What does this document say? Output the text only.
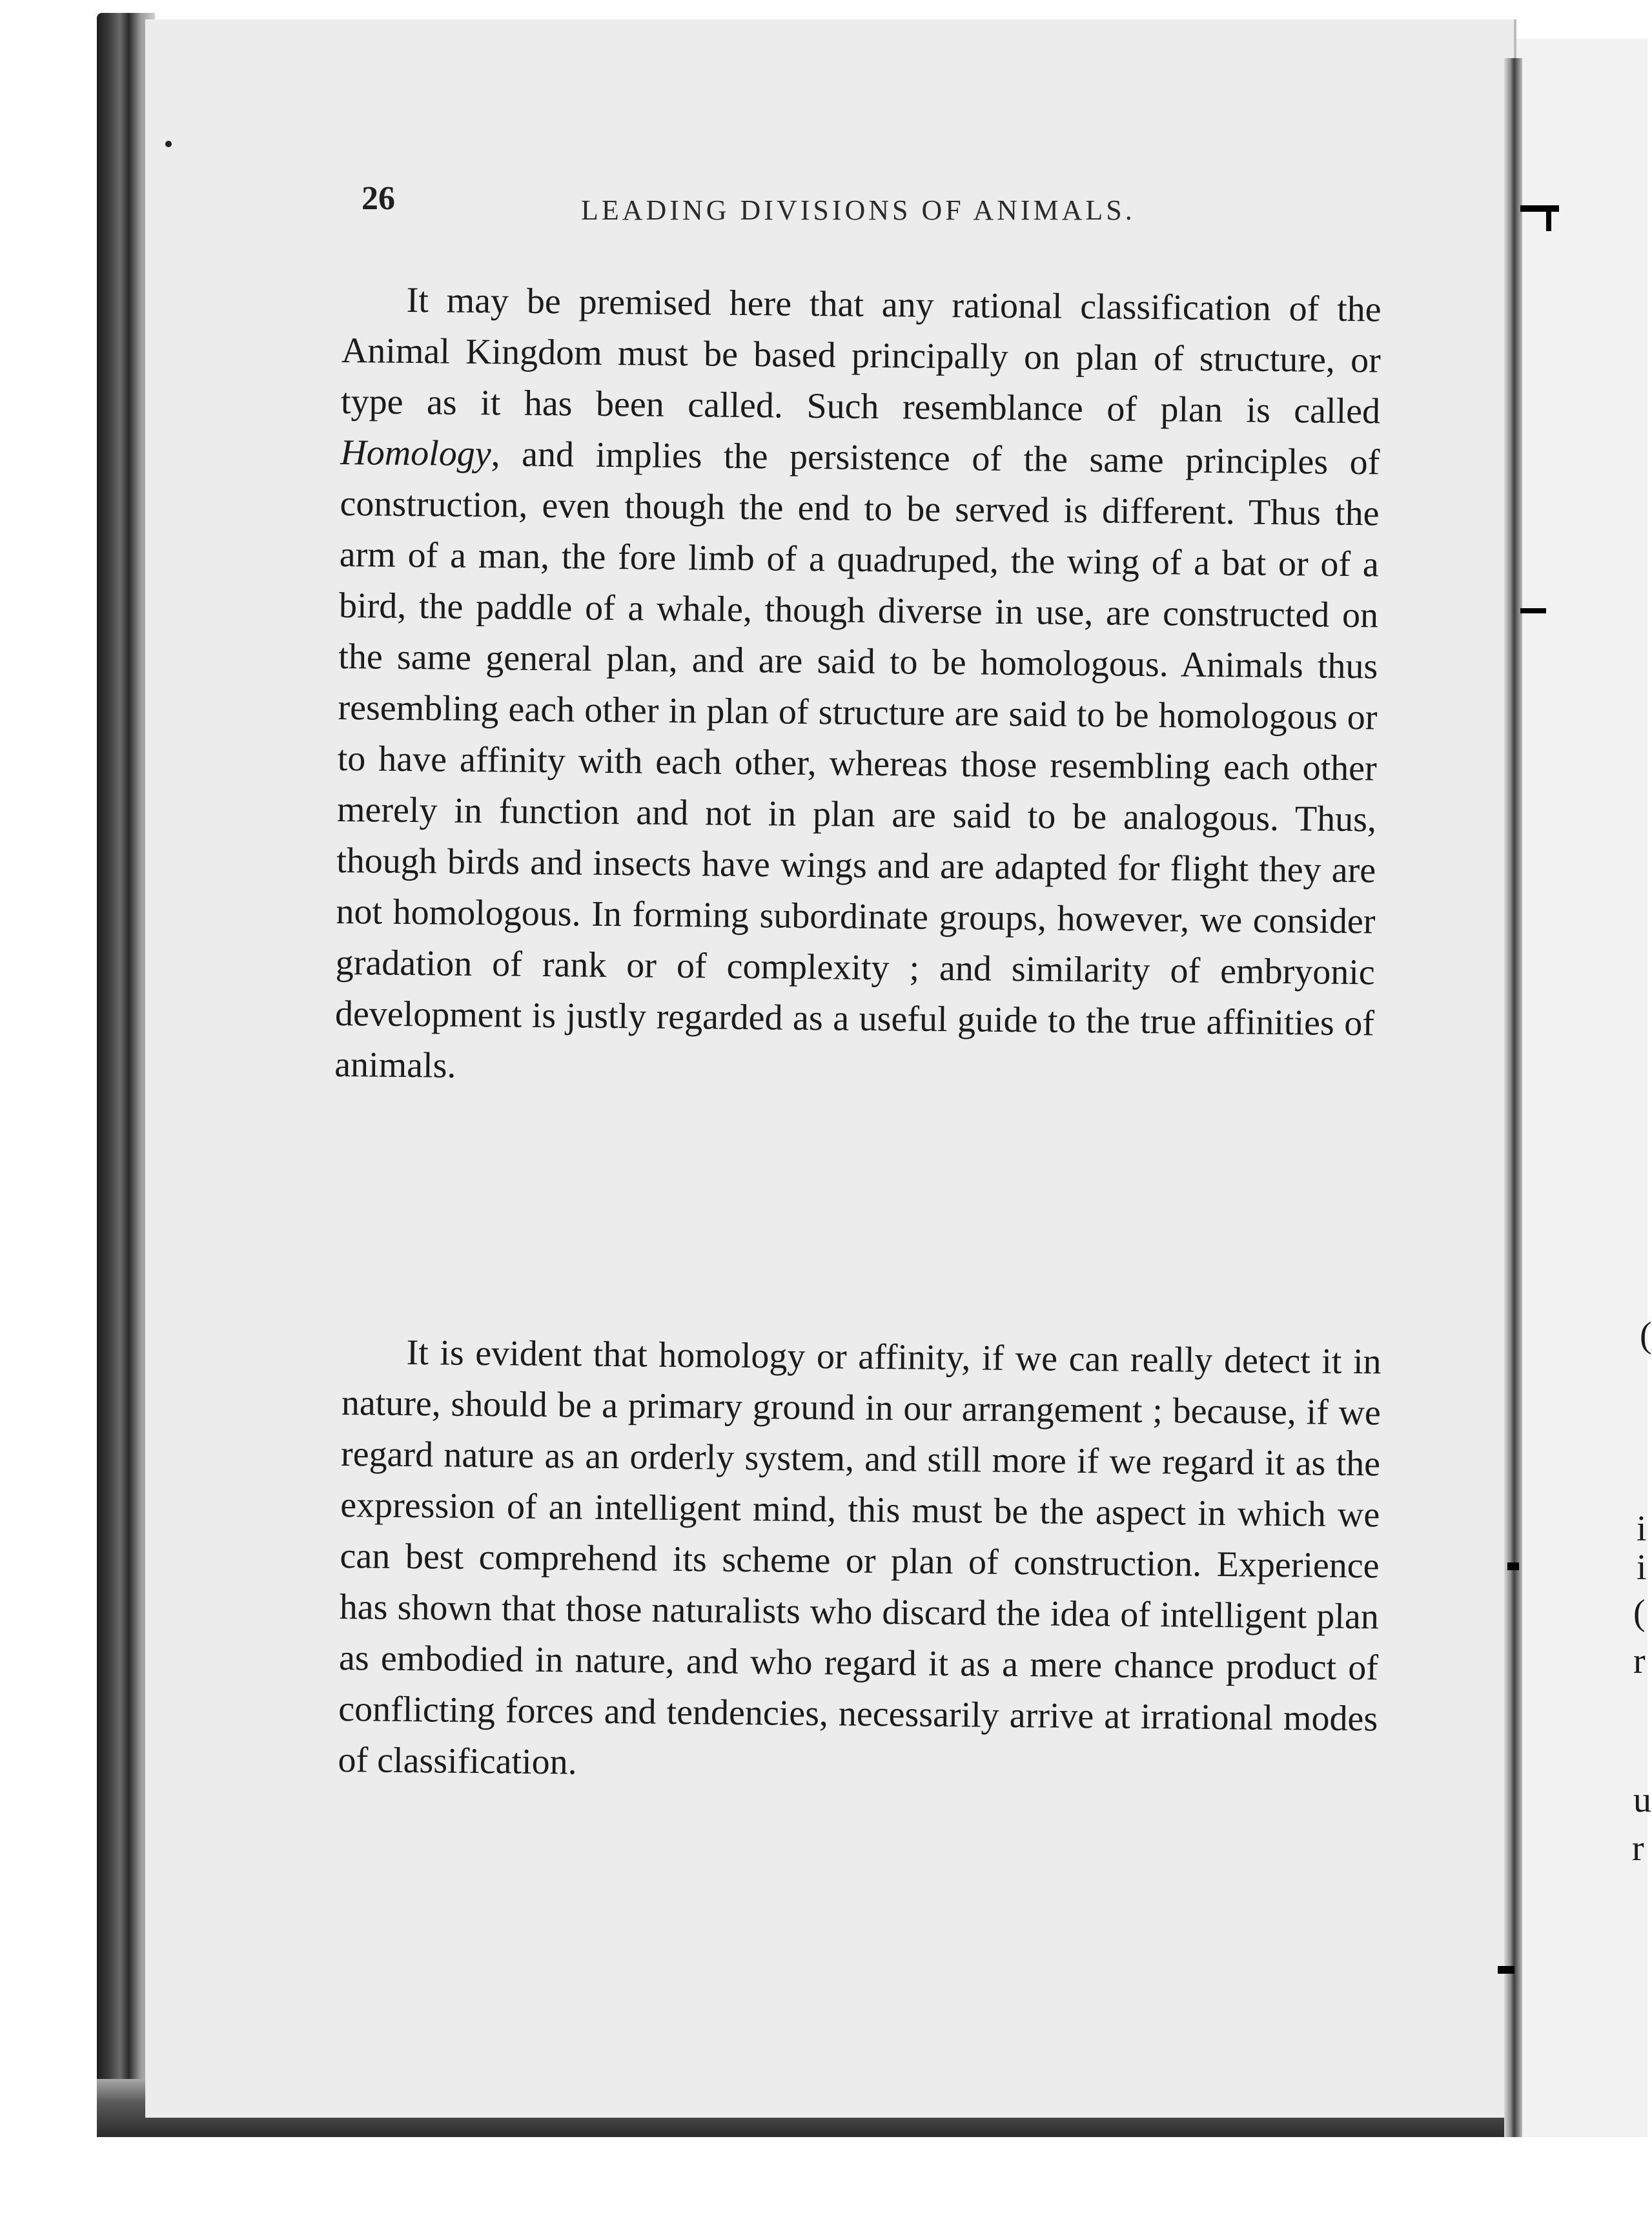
(
i
i
(
r
u
r
26	LEADING DIVISIONS OF ANIMALS.

It may be premised here that any rational classification of the Animal Kingdom must be based principally on plan of structure, or type as it has been called. Such resemblance of plan is called Homology, and implies the persistence of the same principles of construction, even though the end to be served is different. Thus the arm of a man, the fore limb of a quadruped, the wing of a bat or of a bird, the paddle of a whale, though diverse in use, are constructed on the same general plan, and are said to be homologous. Animals thus resembling each other in plan of structure are said to be homologous or to have affinity with each other, whereas those resembling each other merely in function and not in plan are said to be analogous. Thus, though birds and insects have wings and are adapted for flight they are not homologous. In forming subordinate groups, however, we consider gradation of rank or of complexity ; and similarity of embryonic development is justly regarded as a useful guide to the true affinities of animals.

It is evident that homology or affinity, if we can really detect it in nature, should be a primary ground in our arrangement ; because, if we regard nature as an orderly system, and still more if we regard it as the expression of an intelligent mind, this must be the aspect in which we can best comprehend its scheme or plan of construction. Experience has shown that those naturalists who discard the idea of intelligent plan as embodied in nature, and who regard it as a mere chance product of conflicting forces and tendencies, necessarily arrive at irrational modes of classification.
